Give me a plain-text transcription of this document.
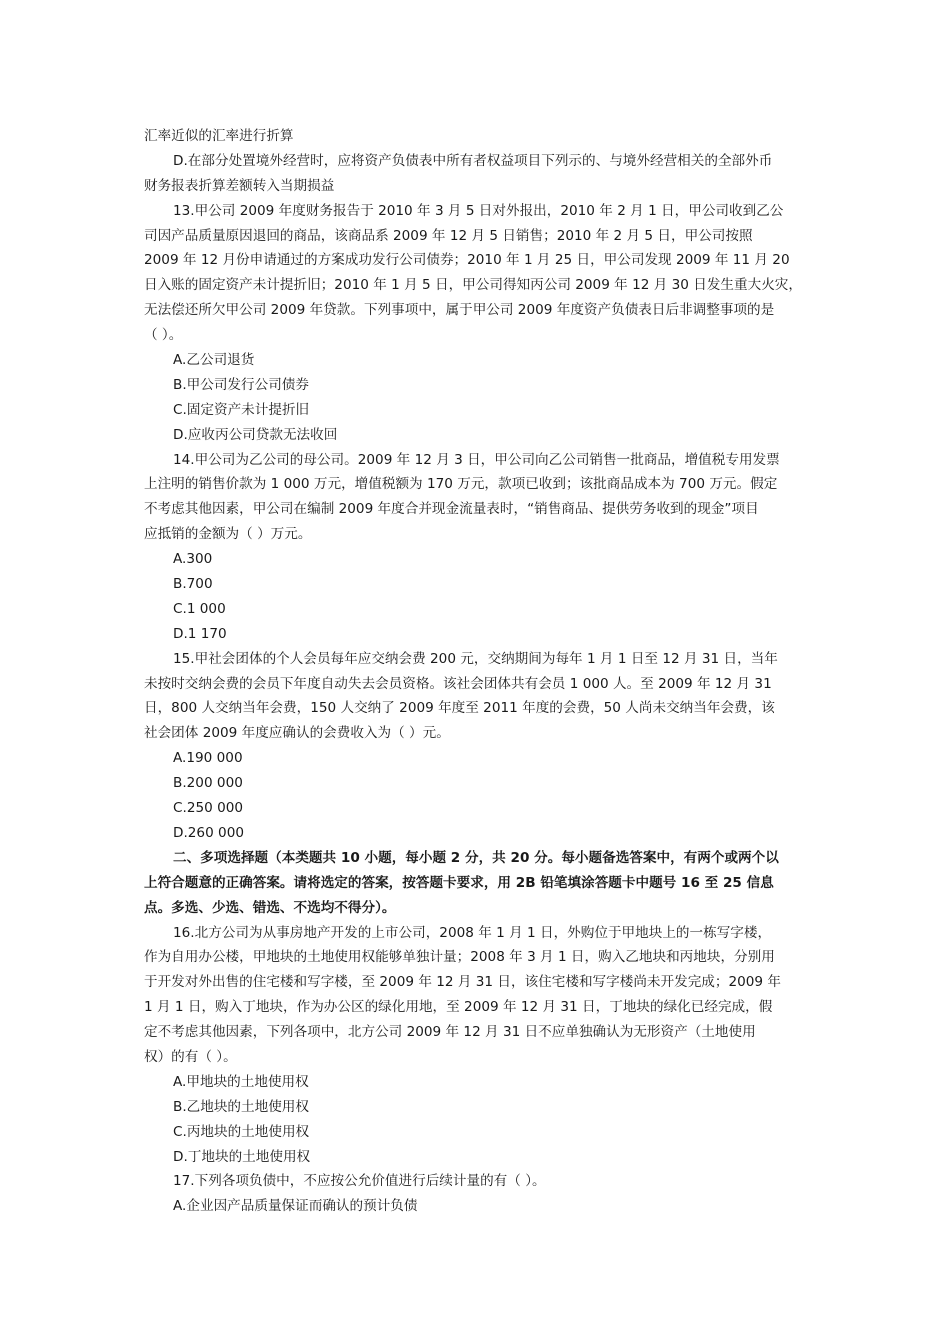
汇率近似的汇率进行折算
D.在部分处置境外经营时，应将资产负债表中所有者权益项目下列示的、与境外经营相关的全部外币
财务报表折算差额转入当期损益
13.甲公司 2009 年度财务报告于 2010 年 3 月 5 日对外报出，2010 年 2 月 1 日，甲公司收到乙公
司因产品质量原因退回的商品，该商品系 2009 年 12 月 5 日销售；2010 年 2 月 5 日，甲公司按照
2009 年 12 月份申请通过的方案成功发行公司债券；2010 年 1 月 25 日，甲公司发现 2009 年 11 月 20
日入账的固定资产未计提折旧；2010 年 1 月 5 日，甲公司得知丙公司 2009 年 12 月 30 日发生重大火灾，
无法偿还所欠甲公司 2009 年贷款。下列事项中，属于甲公司 2009 年度资产负债表日后非调整事项的是
（ ）。
A.乙公司退货
B.甲公司发行公司债券
C.固定资产未计提折旧
D.应收丙公司贷款无法收回
14.甲公司为乙公司的母公司。2009 年 12 月 3 日，甲公司向乙公司销售一批商品，增值税专用发票
上注明的销售价款为 1 000 万元，增值税额为 170 万元，款项已收到；该批商品成本为 700 万元。假定
不考虑其他因素，甲公司在编制 2009 年度合并现金流量表时，“销售商品、提供劳务收到的现金”项目
应抵销的金额为（ ）万元。
A.300
B.700
C.1 000
D.1 170
15.甲社会团体的个人会员每年应交纳会费 200 元，交纳期间为每年 1 月 1 日至 12 月 31 日，当年
未按时交纳会费的会员下年度自动失去会员资格。该社会团体共有会员 1 000 人。至 2009 年 12 月 31
日，800 人交纳当年会费，150 人交纳了 2009 年度至 2011 年度的会费，50 人尚未交纳当年会费，该
社会团体 2009 年度应确认的会费收入为（ ）元。
A.190 000
B.200 000
C.250 000
D.260 000
二、多项选择题（本类题共 10 小题，每小题 2 分，共 20 分。每小题备选答案中，有两个或两个以
上符合题意的正确答案。请将选定的答案，按答题卡要求，用 2B 铅笔填涂答题卡中题号 16 至 25 信息
点。多选、少选、错选、不选均不得分）。
16.北方公司为从事房地产开发的上市公司，2008 年 1 月 1 日，外购位于甲地块上的一栋写字楼，
作为自用办公楼，甲地块的土地使用权能够单独计量；2008 年 3 月 1 日，购入乙地块和丙地块，分别用
于开发对外出售的住宅楼和写字楼，至 2009 年 12 月 31 日，该住宅楼和写字楼尚未开发完成；2009 年
1 月 1 日，购入丁地块，作为办公区的绿化用地，至 2009 年 12 月 31 日，丁地块的绿化已经完成，假
定不考虑其他因素，下列各项中，北方公司 2009 年 12 月 31 日不应单独确认为无形资产（土地使用
权）的有（ ）。
A.甲地块的土地使用权
B.乙地块的土地使用权
C.丙地块的土地使用权
D.丁地块的土地使用权
17.下列各项负债中，不应按公允价值进行后续计量的有（ ）。
A.企业因产品质量保证而确认的预计负债
